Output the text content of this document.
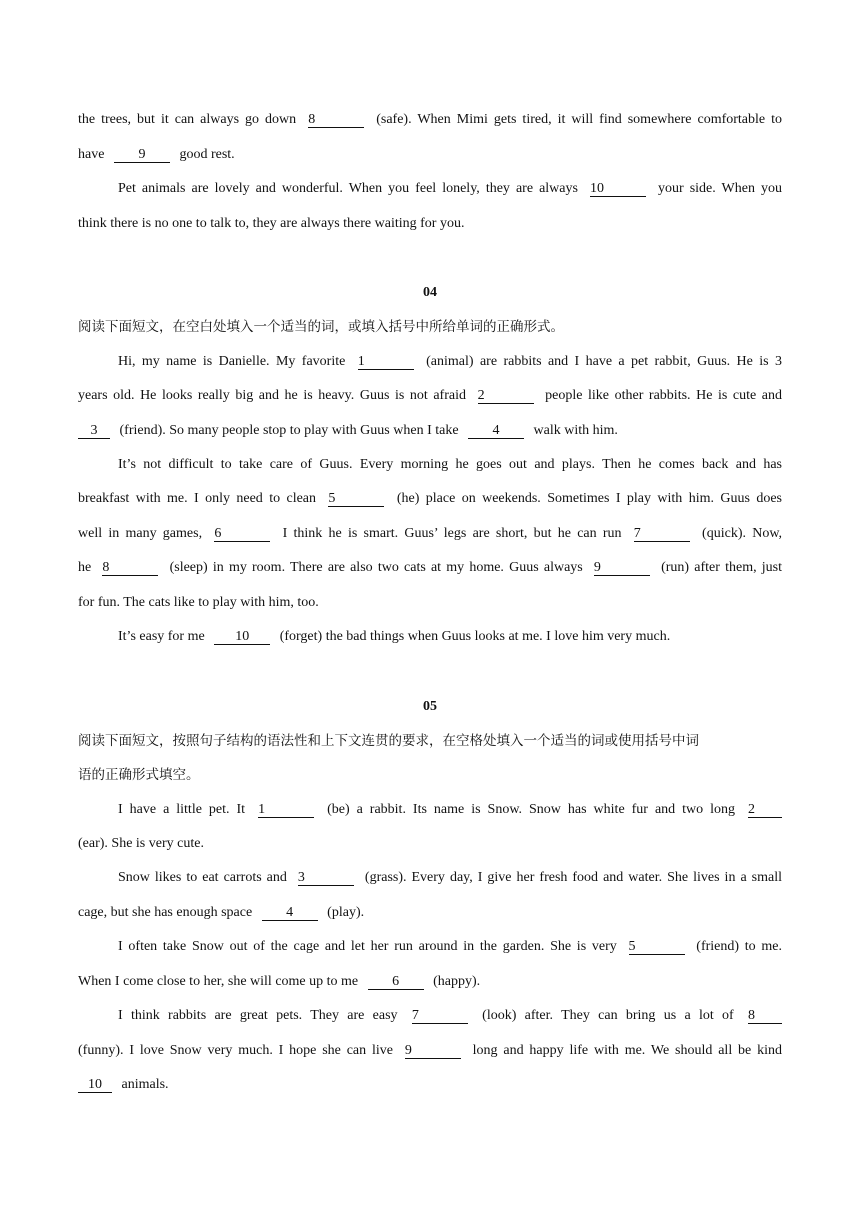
the trees, but it can always go down 8	(safe). When Mimi gets tired, it will find somewhere comfortable to
have 9 good rest.
Pet animals are lovely and wonderful. When you feel lonely, they are always 10	your side. When you
think there is no one to talk to, they are always there waiting for you.
04
阅读下面短文，在空白处填入一个适当的词，或填入括号中所给单词的正确形式。
Hi, my name is Danielle. My favorite 1	(animal) are rabbits and I have a pet rabbit, Guus. He is 3
years old. He looks really big and he is heavy. Guus is not afraid 2	people like other rabbits. He is cute and
3 (friend). So many people stop to play with Guus when I take 4 walk with him.
It’s not difficult to take care of Guus. Every morning he goes out and plays. Then he comes back and has
breakfast with me. I only need to clean 5	(he) place on weekends. Sometimes I play with him. Guus does
well in many games, 6	I think he is smart. Guus’ legs are short, but he can run 7	(quick). Now,
he 8	(sleep) in my room. There are also two cats at my home. Guus always 9	(run) after them, just
for fun. The cats like to play with him, too.
It’s easy for me 10 (forget) the bad things when Guus looks at me. I love him very much.
05
阅读下面短文，按照句子结构的语法性和上下文连贯的要求，在空格处填入一个适当的词或使用括号中词
语的正确形式填空。
I have a little pet. It 1	(be) a rabbit. Its name is Snow. Snow has white fur and two long 2
(ear). She is very cute.
Snow likes to eat carrots and 3	(grass). Every day, I give her fresh food and water. She lives in a small
cage, but she has enough space 4 (play).
I often take Snow out of the cage and let her run around in the garden. She is very 5	(friend) to me.
When I come close to her, she will come up to me 6 (happy).
I think rabbits are great pets. They are easy 7	(look) after. They can bring us a lot of 8
(funny). I love Snow very much. I hope she can live 9	long and happy life with me. We should all be kind
10 animals.
